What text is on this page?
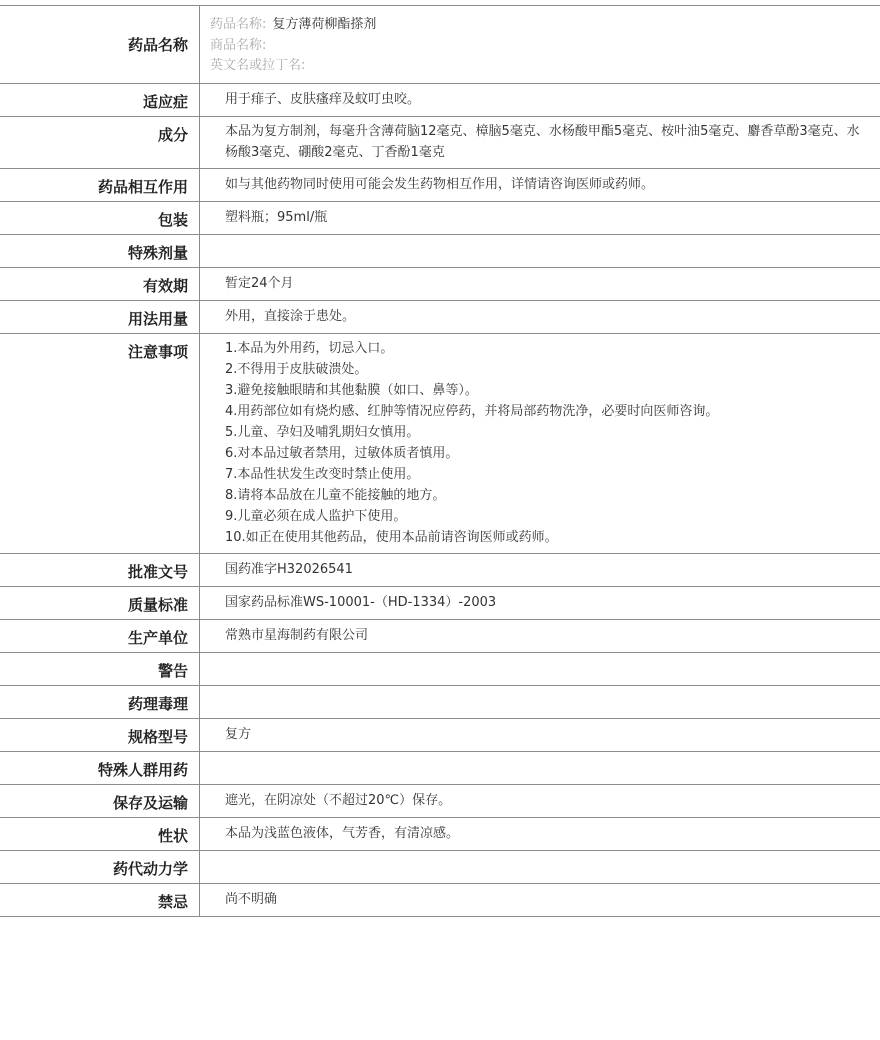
药品名称
药品名称: 复方薄荷柳酯搽剂
商品名称:
英文名或拉丁名:
适应症	用于痱子、皮肤瘙痒及蚊叮虫咬。
成分	本品为复方制剂，每毫升含薄荷脑12毫克、樟脑5毫克、水杨酸甲酯5毫克、桉叶油5毫克、麝香草酚3毫克、水杨酸3毫克、硼酸2毫克、丁香酚1毫克
药品相互作用	如与其他药物同时使用可能会发生药物相互作用，详情请咨询医师或药师。
包装	塑料瓶；95ml/瓶
特殊剂量
有效期	暂定24个月
用法用量	外用，直接涂于患处。
注意事项	1.本品为外用药，切忌入口。
2.不得用于皮肤破溃处。
3.避免接触眼睛和其他黏膜（如口、鼻等）。
4.用药部位如有烧灼感、红肿等情况应停药，并将局部药物洗净，必要时向医师咨询。
5.儿童、孕妇及哺乳期妇女慎用。
6.对本品过敏者禁用，过敏体质者慎用。
7.本品性状发生改变时禁止使用。
8.请将本品放在儿童不能接触的地方。
9.儿童必须在成人监护下使用。
10.如正在使用其他药品，使用本品前请咨询医师或药师。
批准文号	国药准字H32026541
质量标准	国家药品标准WS-10001-（HD-1334）-2003
生产单位	常熟市星海制药有限公司
警告
药理毒理
规格型号	复方
特殊人群用药
保存及运输	遮光，在阴凉处（不超过20℃）保存。
性状	本品为浅蓝色液体，气芳香，有清凉感。
药代动力学
禁忌	尚不明确
